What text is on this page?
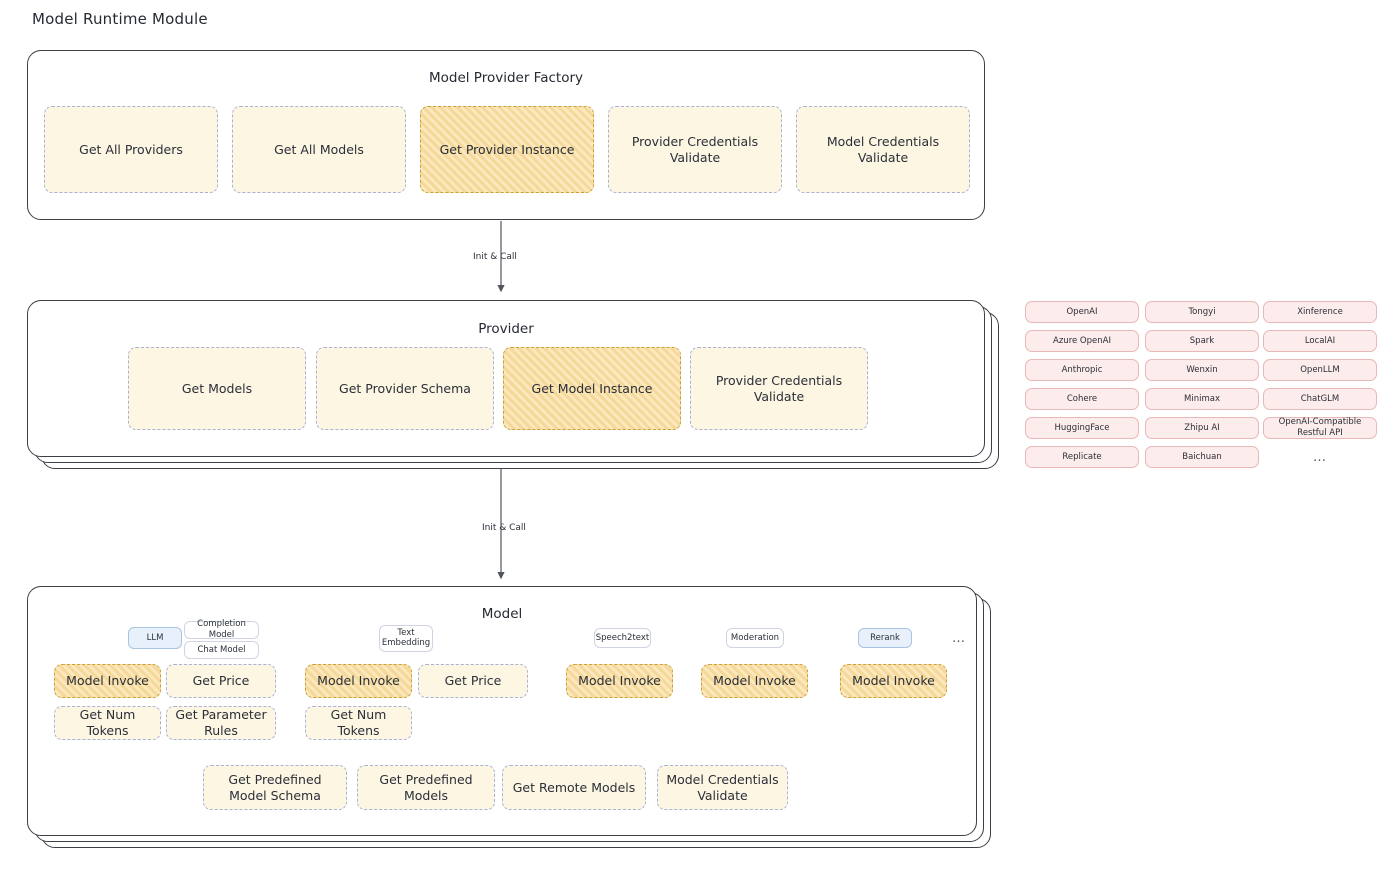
Model Runtime Module
Model Provider Factory
Get All Providers	Get All Models	Get Provider Instance
Provider Credentials Validate
Model Credentials Validate
Provider
Get Models	Get Provider Schema	Get Model Instance
Provider Credentials Validate
OpenAI
Azure OpenAI
Anthropic
Cohere
HuggingFace
Replicate
Tongyi
Spark
Wenxin
Minimax
Zhipu AI
Baichuan
Xinference
LocalAI
OpenLLM
ChatGLM
OpenAI-Compatible Restful API
…
Model
LLM
Completion Model
Chat Model
Text Embedding	Speech2text	Moderation	Rerank	…
Model Invoke	Get Price
Get Num Tokens
Get Parameter Rules
Model Invoke	Get Price
Get Num Tokens
Model Invoke	Model Invoke	Model Invoke
Get Predefined Model Schema
Get Predefined Models
Get Remote Models
Model Credentials Validate
Init & Call
Init & Call
